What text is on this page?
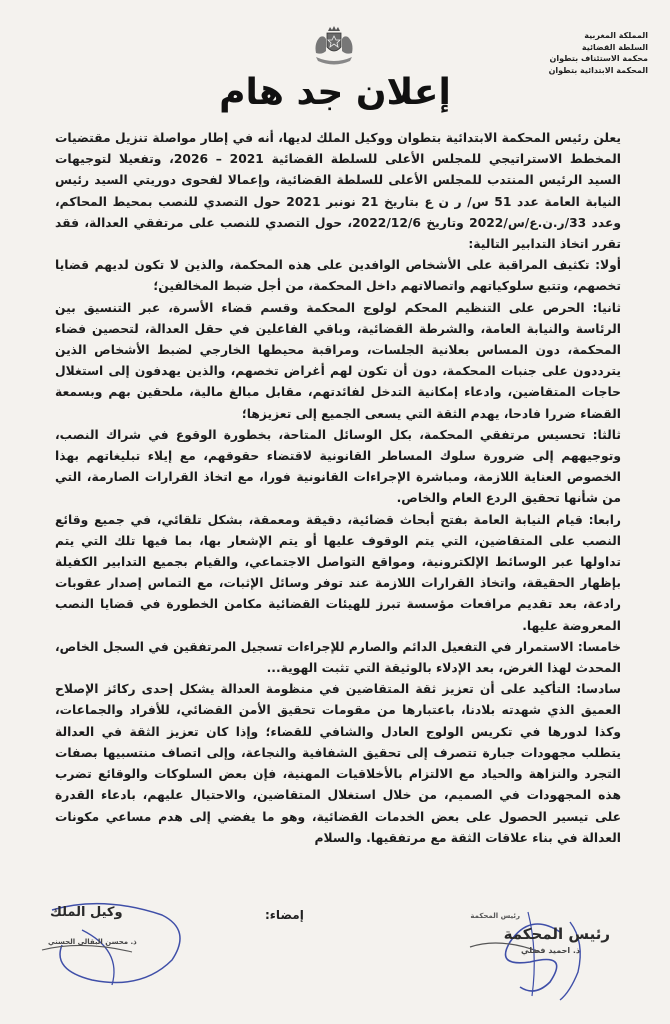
المملكة المغربية
السلطة القضائية
محكمة الاستئناف بتطوان
المحكمة الابتدائية بتطوان
إعلان جد هام

يعلن رئيس المحكمة الابتدائية بتطوان ووكيل الملك لديها، أنه في إطار مواصلة تنزيل مقتضيات المخطط الاستراتيجي للمجلس الأعلى للسلطة القضائية 2021 – 2026، وتفعيلا لتوجيهات السيد الرئيس المنتدب للمجلس الأعلى للسلطة القضائية، وإعمالا لفحوى دوريتي السيد رئيس النيابة العامة عدد 51 س/ ر ن ع بتاريخ 21 نونبر 2021 حول التصدي للنصب بمحيط المحاكم، وعدد 33/ر.ن.ع/س/2022 وتاريخ 2022/12/6، حول التصدي للنصب على مرتفقي العدالة، فقد تقرر اتخاذ التدابير التالية:

أولا: تكثيف المراقبة على الأشخاص الوافدين على هذه المحكمة، والذين لا تكون لديهم قضايا تخصهم، وتتبع سلوكياتهم واتصالاتهم داخل المحكمة، من أجل ضبط المخالفين؛

ثانيا: الحرص على التنظيم المحكم لولوج المحكمة وقسم قضاء الأسرة، عبر التنسيق بين الرئاسة والنيابة العامة، والشرطة القضائية، وباقي الفاعلين في حقل العدالة، لتحصين فضاء المحكمة، دون المساس بعلانية الجلسات، ومراقبة محيطها الخارجي لضبط الأشخاص الذين يترددون على جنبات المحكمة، دون أن تكون لهم أغراض تخصهم، والذين يهدفون إلى استغلال حاجات المتقاضين، وادعاء إمكانية التدخل لفائدتهم، مقابل مبالغ مالية، ملحقين بهم وبسمعة القضاء ضررا فادحا، يهدم الثقة التي يسعى الجميع إلى تعزيزها؛

ثالثا: تحسيس مرتفقي المحكمة، بكل الوسائل المتاحة، بخطورة الوقوع في شراك النصب، وتوجيههم إلى ضرورة سلوك المساطر القانونية لاقتضاء حقوقهم، مع إيلاء تبليغاتهم بهذا الخصوص العناية اللازمة، ومباشرة الإجراءات القانونية فورا، مع اتخاذ القرارات الصارمة، التي من شأنها تحقيق الردع العام والخاص.

رابعا: قيام النيابة العامة بفتح أبحاث قضائية، دقيقة ومعمقة، بشكل تلقائي، في جميع وقائع النصب على المتقاضين، التي يتم الوقوف عليها أو يتم الإشعار بها، بما فيها تلك التي يتم تداولها عبر الوسائط الإلكترونية، ومواقع التواصل الاجتماعي، والقيام بجميع التدابير الكفيلة بإظهار الحقيقة، واتخاذ القرارات اللازمة عند توفر وسائل الإثبات، مع التماس إصدار عقوبات رادعة، بعد تقديم مرافعات مؤسسة تبرز للهيئات القضائية مكامن الخطورة في قضايا النصب المعروضة عليها.

خامسا: الاستمرار في التفعيل الدائم والصارم للإجراءات تسجيل المرتفقين في السجل الخاص، المحدث لهذا الغرض، بعد الإدلاء بالوثيقة التي تثبت الهوية...

سادسا: التأكيد على أن تعزيز ثقة المتقاضين في منظومة العدالة يشكل إحدى ركائز الإصلاح العميق الذي شهدته بلادنا، باعتبارها من مقومات تحقيق الأمن القضائي، للأفراد والجماعات، وكذا لدورها في تكريس الولوج العادل والشافي للقضاء؛ وإذا كان تعزيز الثقة في العدالة يتطلب مجهودات جبارة تتصرف إلى تحقيق الشفافية والنجاعة، وإلى اتصاف منتسبيها بصفات التجرد والنزاهة والحياد مع الالتزام بالأخلاقيات المهنية، فإن بعض السلوكات والوقائع تضرب هذه المجهودات في الصميم، من خلال استغلال المتقاضين، والاحتيال عليهم، بادعاء القدرة على تيسير الحصول على بعض الخدمات القضائية، وهو ما يفضي إلى هدم مساعي مكونات العدالة في بناء علاقات الثقة مع مرتفقيها. والسلام

إمضاء:	رئيس المحكمة
رئيس المحكمة
ذ. احميد فضلي
وكيل الملك
ذ. محسن البقالي الحسني
